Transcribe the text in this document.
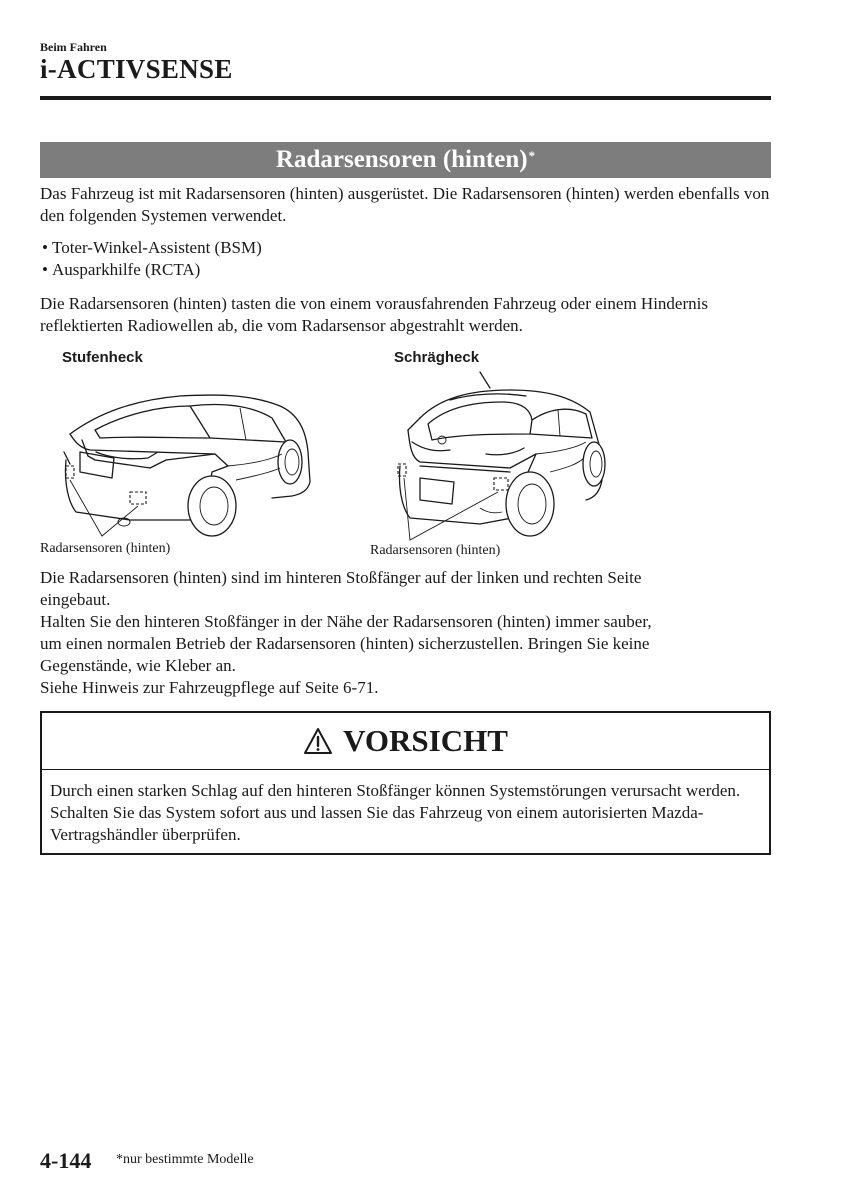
Beim Fahren
i-ACTIVSENSE
Radarsensoren (hinten)*
Das Fahrzeug ist mit Radarsensoren (hinten) ausgerüstet. Die Radarsensoren (hinten) werden ebenfalls von den folgenden Systemen verwendet.
• Toter-Winkel-Assistent (BSM)
• Ausparkhilfe (RCTA)
Die Radarsensoren (hinten) tasten die von einem vorausfahrenden Fahrzeug oder einem Hindernis reflektierten Radiowellen ab, die vom Radarsensor abgestrahlt werden.
Stufenheck	Schrägheck
Radarsensoren (hinten)	Radarsensoren (hinten)
Die Radarsensoren (hinten) sind im hinteren Stoßfänger auf der linken und rechten Seite
eingebaut.
Halten Sie den hinteren Stoßfänger in der Nähe der Radarsensoren (hinten) immer sauber,
um einen normalen Betrieb der Radarsensoren (hinten) sicherzustellen. Bringen Sie keine
Gegenstände, wie Kleber an.
Siehe Hinweis zur Fahrzeugpflege auf Seite 6-71.
VORSICHT
Durch einen starken Schlag auf den hinteren Stoßfänger können Systemstörungen verursacht werden. Schalten Sie das System sofort aus und lassen Sie das Fahrzeug von einem autorisierten Mazda-Vertragshändler überprüfen.
4-144 *nur bestimmte Modelle
